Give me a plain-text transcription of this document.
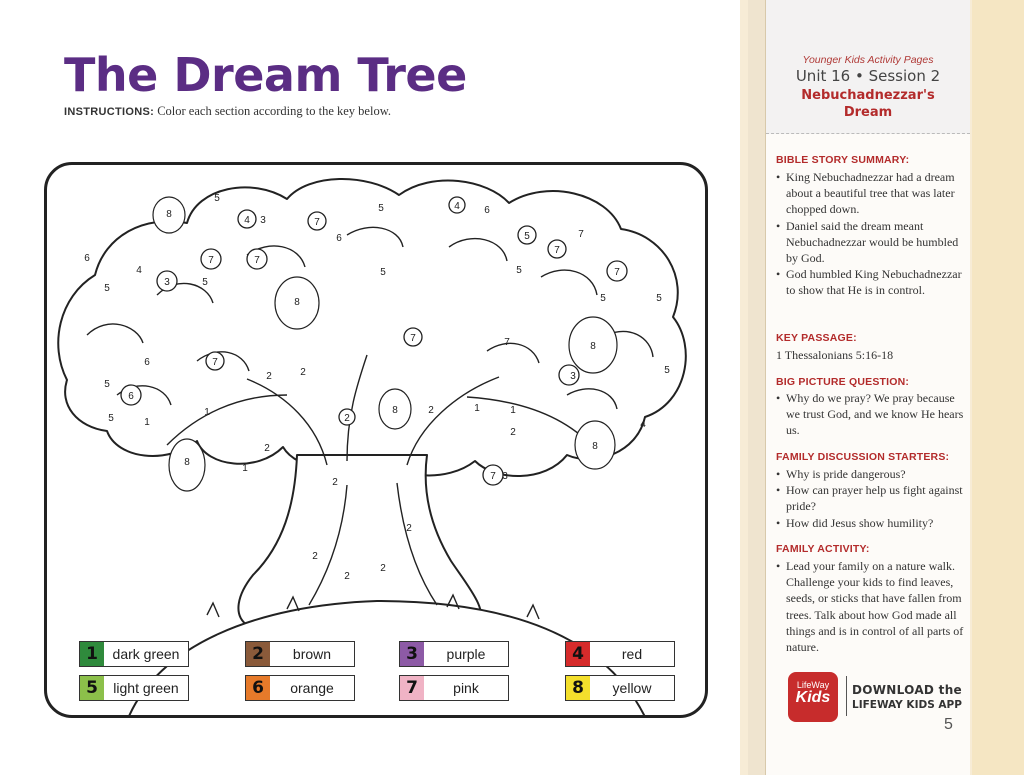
The Dream Tree
INSTRUCTIONS: Color each section according to the key below.
5
4 3	7
5	4
6
7
6
4
3
7
5
5
5
5
6
7
7
5	7
5	5
7	7
8
8
5
6	7
6
1
1
2	2
2
1
2
2
2
2
2
2
1	1
2
2
3
7 3
4
5
5
8
8
8
8
1	dark green	2	brown	3	purple	4	red
5	light green	6	orange	7	pink	8	yellow
Younger Kids Activity Pages
Unit 16 • Session 2
Nebuchadnezzar's Dream
BIBLE STORY SUMMARY:
• King Nebuchadnezzar had a dream about a beautiful tree that was later chopped down.
• Daniel said the dream meant Nebuchadnezzar would be humbled by God.
• God humbled King Nebuchadnezzar to show that He is in control.
KEY PASSAGE:
1 Thessalonians 5:16-18
BIG PICTURE QUESTION:
• Why do we pray? We pray because we trust God, and we know He hears us.
FAMILY DISCUSSION STARTERS:
• Why is pride dangerous?
• How can prayer help us fight against pride?
• How did Jesus show humility?
FAMILY ACTIVITY:
• Lead your family on a nature walk. Challenge your kids to find leaves, seeds, or sticks that have fallen from trees. Talk about how God made all things and is in control of all parts of nature.
LifeWay
Kids	DOWNLOAD the
LIFEWAY KIDS APP
5
